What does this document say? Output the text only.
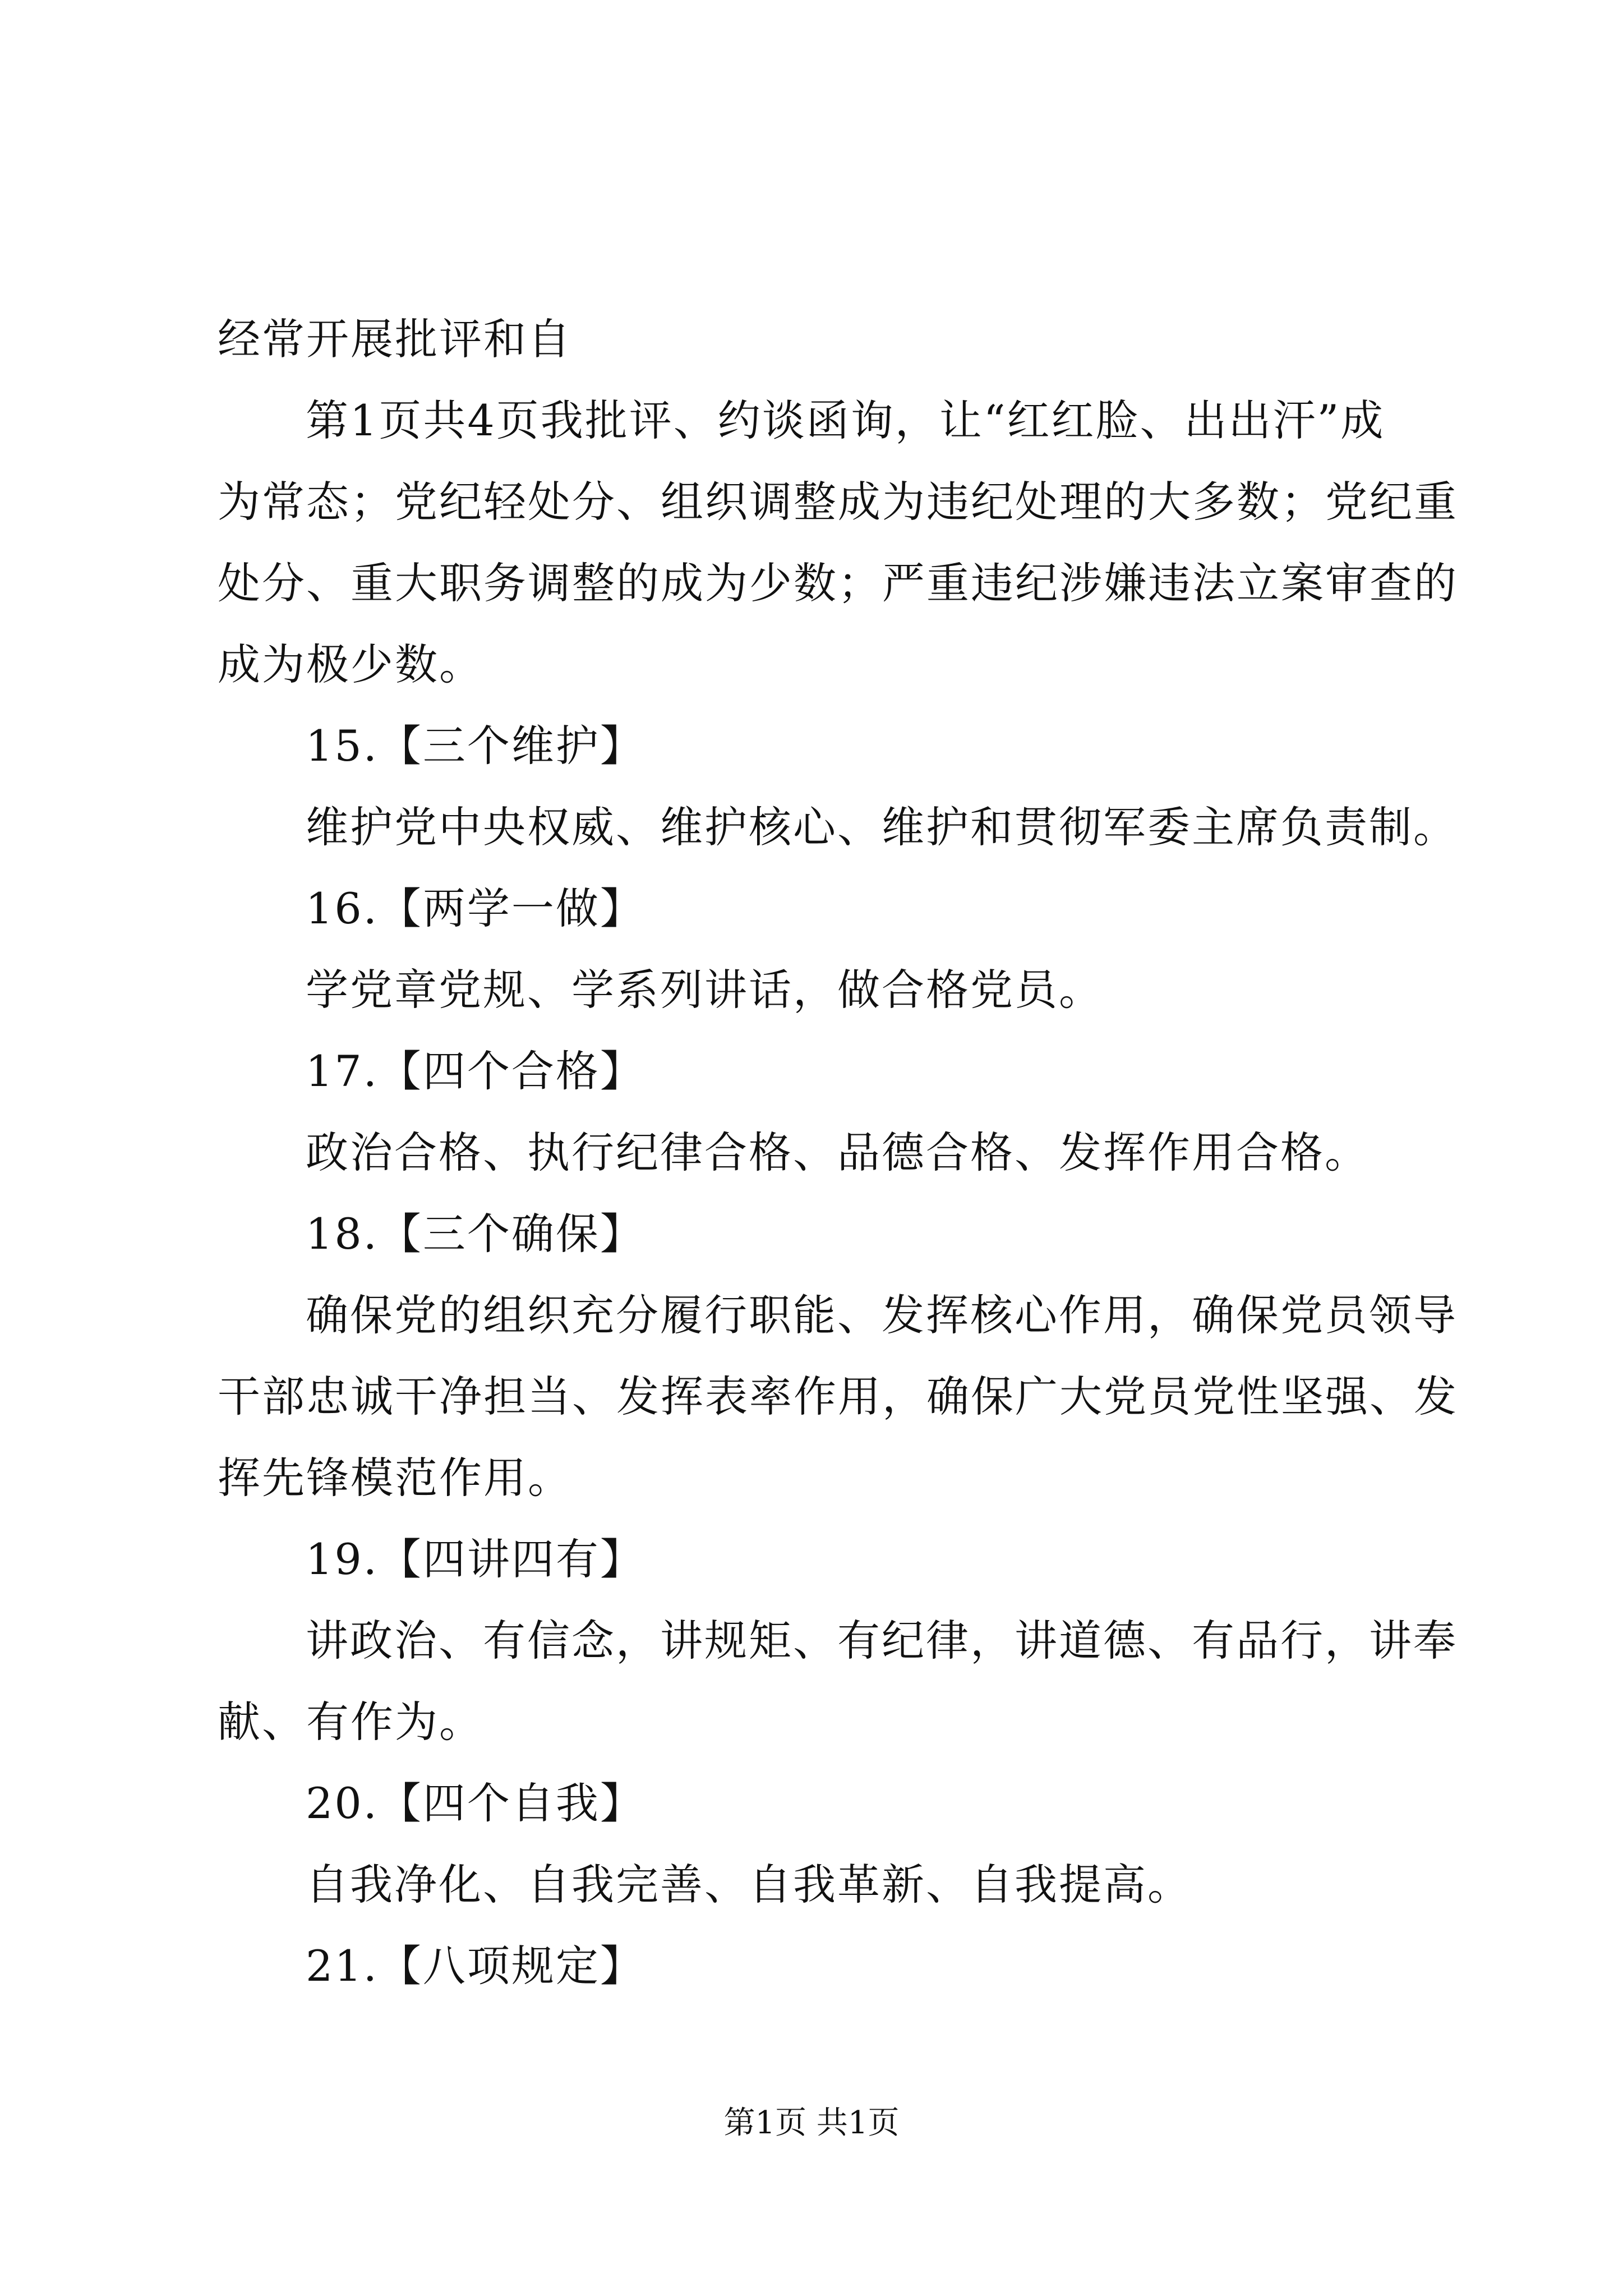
经常开展批评和自
第1页共4页我批评、约谈函询，让“红红脸、出出汗”成
为常态；党纪轻处分、组织调整成为违纪处理的大多数；党纪重
处分、重大职务调整的成为少数；严重违纪涉嫌违法立案审查的
成为极少数。
15.【三个维护】
维护党中央权威、维护核心、维护和贯彻军委主席负责制。
16.【两学一做】
学党章党规、学系列讲话，做合格党员。
17.【四个合格】
政治合格、执行纪律合格、品德合格、发挥作用合格。
18.【三个确保】
确保党的组织充分履行职能、发挥核心作用，确保党员领导
干部忠诚干净担当、发挥表率作用，确保广大党员党性坚强、发
挥先锋模范作用。
19.【四讲四有】
讲政治、有信念，讲规矩、有纪律，讲道德、有品行，讲奉
献、有作为。
20.【四个自我】
自我净化、自我完善、自我革新、自我提高。
21.【八项规定】
第1页 共1页
